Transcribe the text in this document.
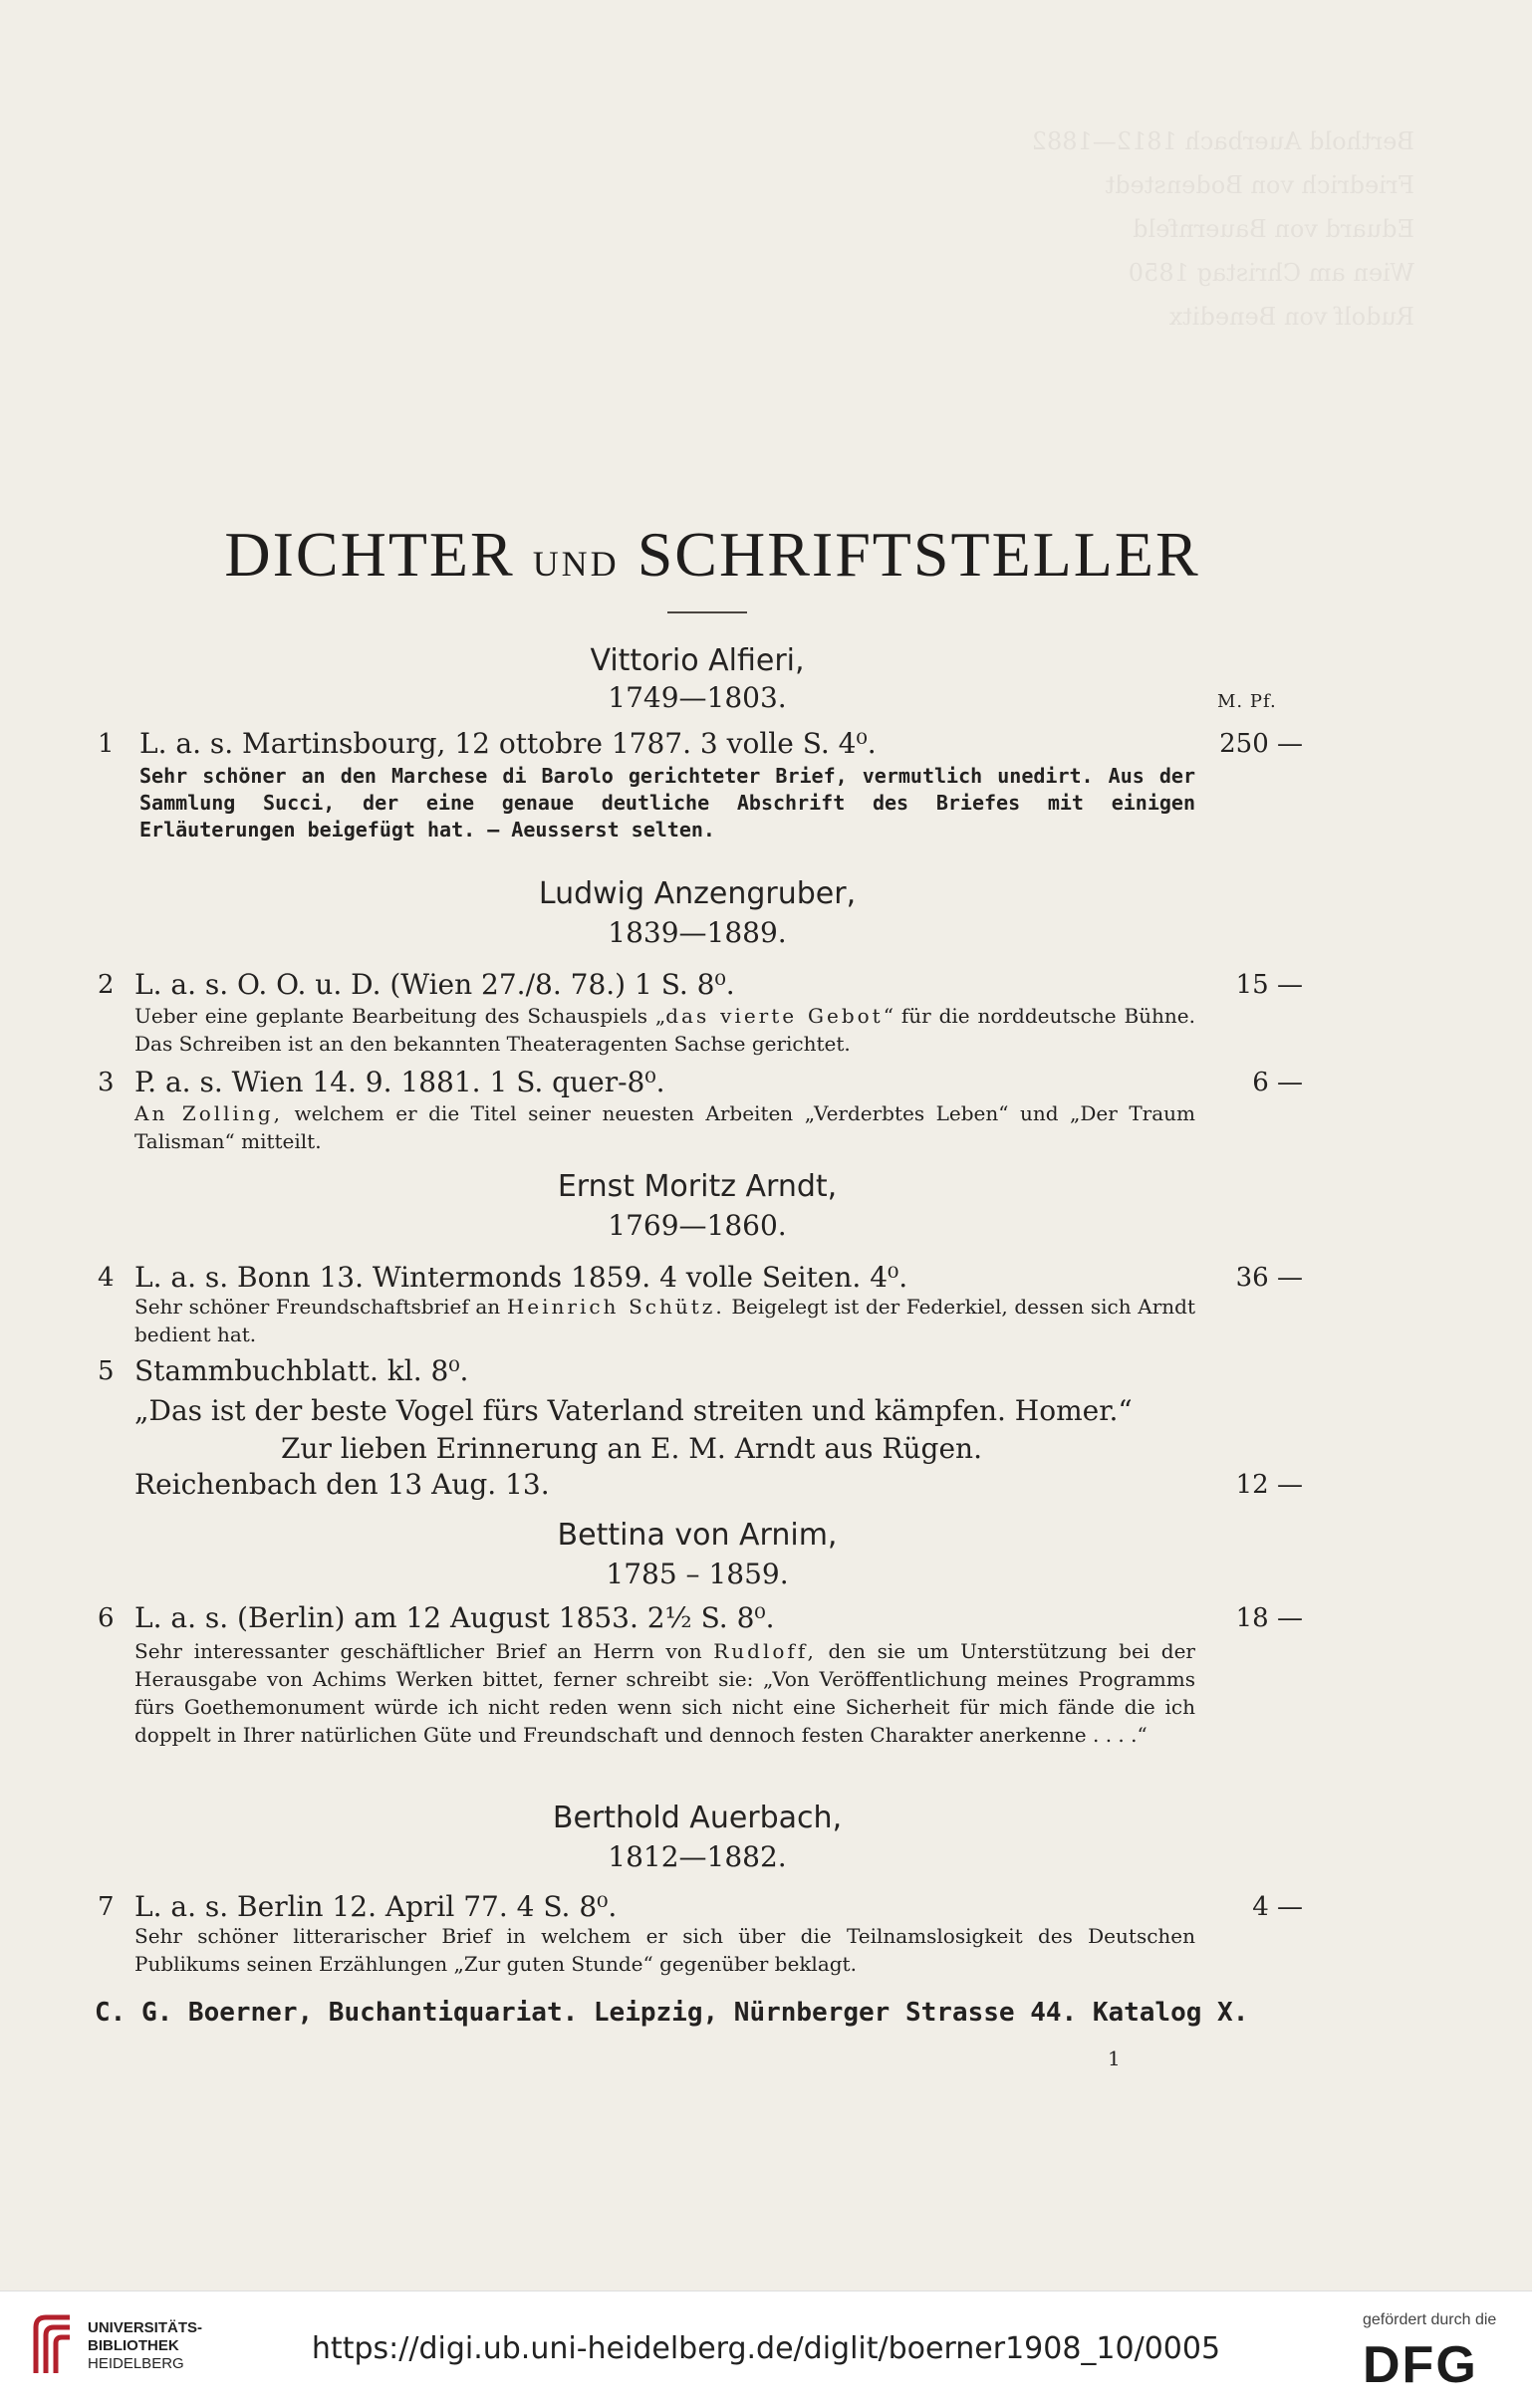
Berthold Auerbach 1812—1882
Friedrich von Bodenstedt
Eduard von Bauernfeld
Wien am Christag 1850
Rudolf von Beneditx
DICHTER UND SCHRIFTSTELLER
Vittorio Alfieri,
1749—1803.	M. Pf.
1 L. a. s. Martinsbourg, 12 ottobre 1787. 3 volle S. 4⁰.	250 —
Sehr schöner an den Marchese di Barolo gerichteter Brief, vermutlich unedirt. Aus der Sammlung Succi, der eine genaue deutliche Abschrift des Briefes mit einigen Erläuterungen beigefügt hat. — Aeusserst selten.
Ludwig Anzengruber,
1839—1889.
2 L. a. s. O. O. u. D. (Wien 27./8. 78.) 1 S. 8⁰.	15 —
Ueber eine geplante Bearbeitung des Schauspiels „das vierte Gebot“ für die norddeutsche Bühne. Das Schreiben ist an den bekannten Theateragenten Sachse gerichtet.
3 P. a. s. Wien 14. 9. 1881. 1 S. quer-8⁰.	6 —
An Zolling, welchem er die Titel seiner neuesten Arbeiten „Verderbtes Leben“ und „Der Traum Talisman“ mitteilt.
Ernst Moritz Arndt,
1769—1860.
4 L. a. s. Bonn 13. Wintermonds 1859. 4 volle Seiten. 4⁰.	36 —
Sehr schöner Freundschaftsbrief an Heinrich Schütz. Beigelegt ist der Federkiel, dessen sich Arndt bedient hat.
5 Stammbuchblatt. kl. 8⁰.
„Das ist der beste Vogel fürs Vaterland streiten und kämpfen. Homer.“
Zur lieben Erinnerung an E. M. Arndt aus Rügen.
Reichenbach den 13 Aug. 13.	12 —
Bettina von Arnim,
1785 – 1859.
6 L. a. s. (Berlin) am 12 August 1853. 2½ S. 8⁰.	18 —
Sehr interessanter geschäftlicher Brief an Herrn von Rudloff, den sie um Unterstützung bei der Herausgabe von Achims Werken bittet, ferner schreibt sie: „Von Veröffentlichung meines Programms fürs Goethemonument würde ich nicht reden wenn sich nicht eine Sicherheit für mich fände die ich doppelt in Ihrer natürlichen Güte und Freundschaft und dennoch festen Charakter anerkenne . . . .“
Berthold Auerbach,
1812—1882.
7 L. a. s. Berlin 12. April 77. 4 S. 8⁰.	4 —
Sehr schöner litterarischer Brief in welchem er sich über die Teilnamslosigkeit des Deutschen Publikums seinen Erzählungen „Zur guten Stunde“ gegenüber beklagt.
C. G. Boerner, Buchantiquariat. Leipzig, Nürnberger Strasse 44. Katalog X.
1
UNIVERSITÄTS-
BIBLIOTHEK
HEIDELBERG	https://digi.ub.uni-heidelberg.de/diglit/boerner1908_10/0005
gefördert durch die
DFG
